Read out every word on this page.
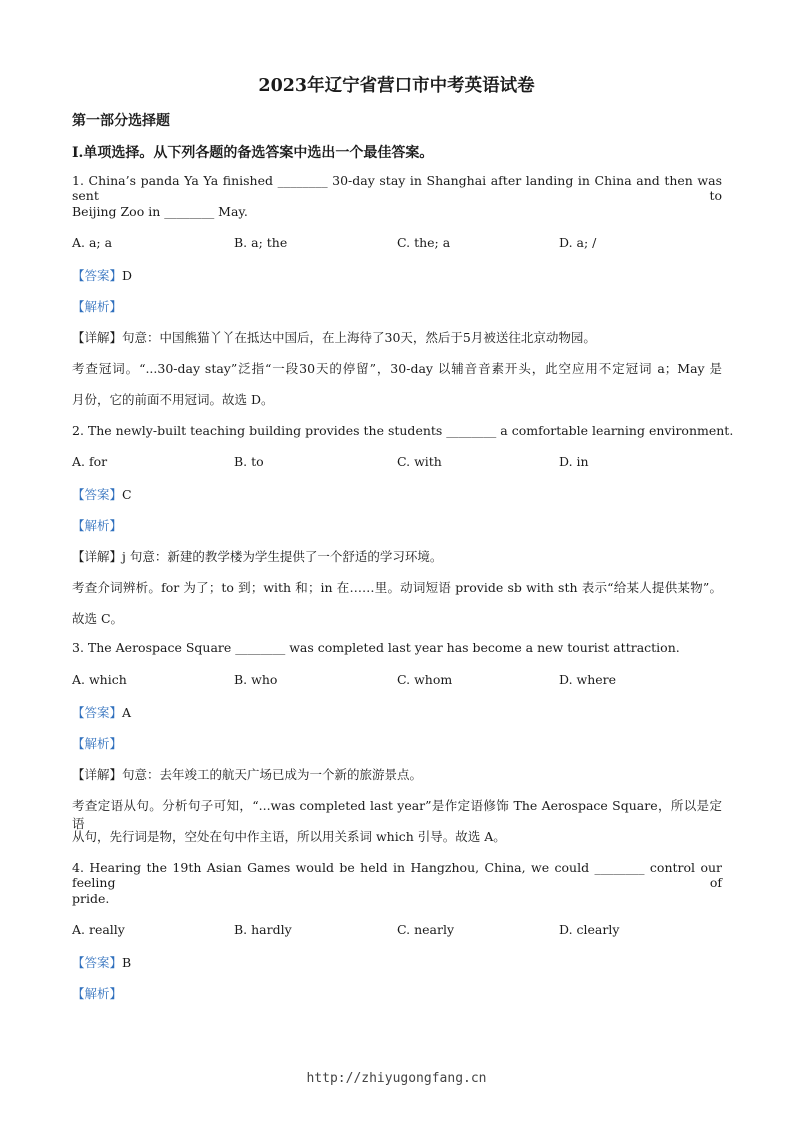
2023年辽宁省营口市中考英语试卷
第一部分选择题
Ⅰ.单项选择。从下列各题的备选答案中选出一个最佳答案。
1. China’s panda Ya Ya finished ________ 30-day stay in Shanghai after landing in China and then was sent to
Beijing Zoo in ________ May.
A. a; a	B. a; the	C. the; a	D. a; /
【答案】D
【解析】
【详解】句意：中国熊猫丫丫在抵达中国后，在上海待了30天，然后于5月被送往北京动物园。
考查冠词。“...30-day stay”泛指“一段30天的停留”，30-day 以辅音音素开头，此空应用不定冠词 a；May 是
月份，它的前面不用冠词。故选 D。
2. The newly-built teaching building provides the students ________ a comfortable learning environment.
A. for	B. to	C. with	D. in
【答案】C
【解析】
【详解】j 句意：新建的教学楼为学生提供了一个舒适的学习环境。
考查介词辨析。for 为了；to 到；with 和；in 在……里。动词短语 provide sb with sth 表示“给某人提供某物”。
故选 C。
3. The Aerospace Square ________ was completed last year has become a new tourist attraction.
A. which	B. who	C. whom	D. where
【答案】A
【解析】
【详解】句意：去年竣工的航天广场已成为一个新的旅游景点。
考查定语从句。分析句子可知，“...was completed last year”是作定语修饰 The Aerospace Square，所以是定语
从句，先行词是物，空处在句中作主语，所以用关系词 which 引导。故选 A。
4. Hearing the 19th Asian Games would be held in Hangzhou, China, we could ________ control our feeling of
pride.
A. really	B. hardly	C. nearly	D. clearly
【答案】B
【解析】
http://zhiyugongfang.cn
